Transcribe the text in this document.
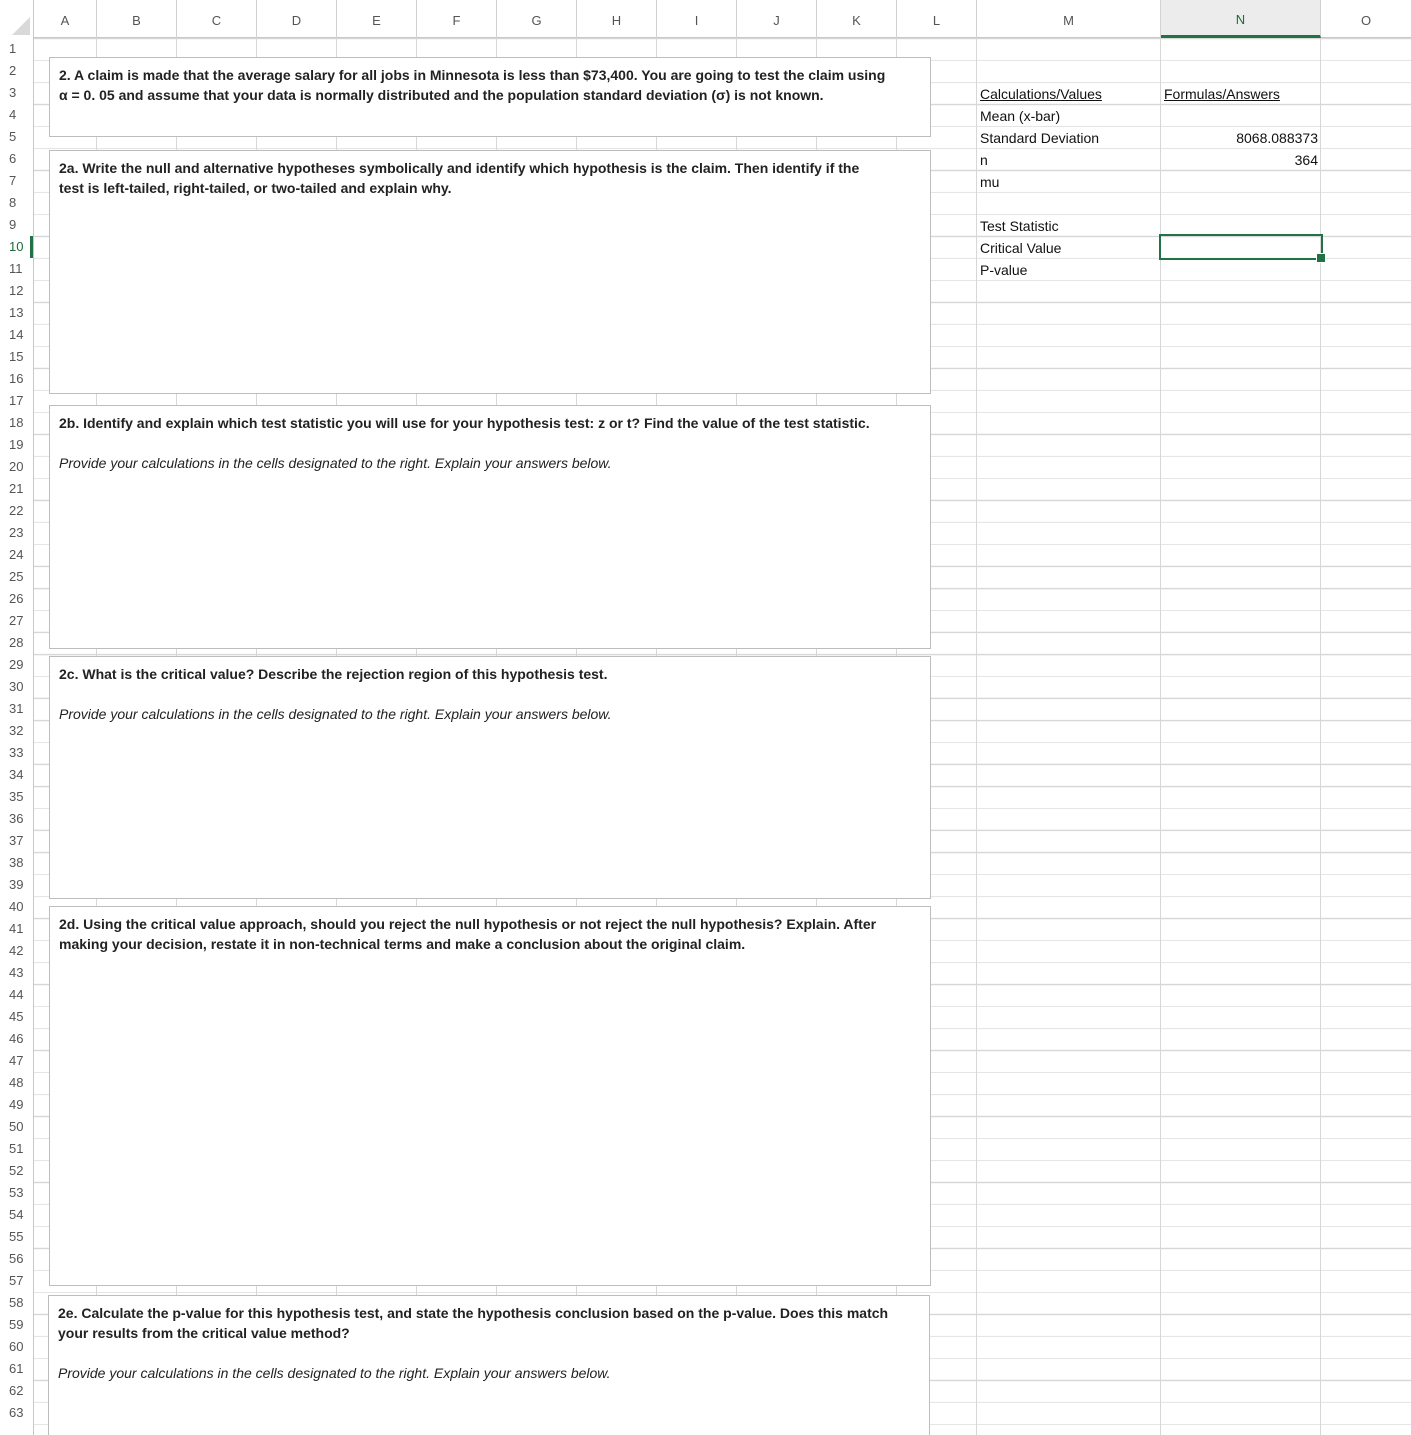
A	B	C	D	E	F	G	H	I	J	K	L	M	N	O
1
2
3
4
5
6
7
8
9
10
11
12
13
14
15
16
17
18
19
20
21
22
23
24
25
26
27
28
29
30
31
32
33
34
35
36
37
38
39
40
41
42
43
44
45
46
47
48
49
50
51
52
53
54
55
56
57
58
59
60
61
62
63

2. A claim is made that the average salary for all jobs in Minnesota is less than $73,400. You are going to test the claim using
α = 0. 05 and assume that your data is normally distributed and the population standard deviation (σ) is not known.

2a. Write the null and alternative hypotheses symbolically and identify which hypothesis is the claim. Then identify if the
test is left-tailed, right-tailed, or two-tailed and explain why.

2b. Identify and explain which test statistic you will use for your hypothesis test: z or t? Find the value of the test statistic.

Provide your calculations in the cells designated to the right. Explain your answers below.

2c. What is the critical value? Describe the rejection region of this hypothesis test.

Provide your calculations in the cells designated to the right. Explain your answers below.

2d. Using the critical value approach, should you reject the null hypothesis or not reject the null hypothesis? Explain. After
making your decision, restate it in non-technical terms and make a conclusion about the original claim.

2e. Calculate the p-value for this hypothesis test, and state the hypothesis conclusion based on the p-value. Does this match
your results from the critical value method?

Provide your calculations in the cells designated to the right. Explain your answers below.

Calculations/Values	Formulas/Answers
Mean (x-bar)
Standard Deviation	8068.088373
n	364
mu
Test Statistic
Critical Value
P-value
